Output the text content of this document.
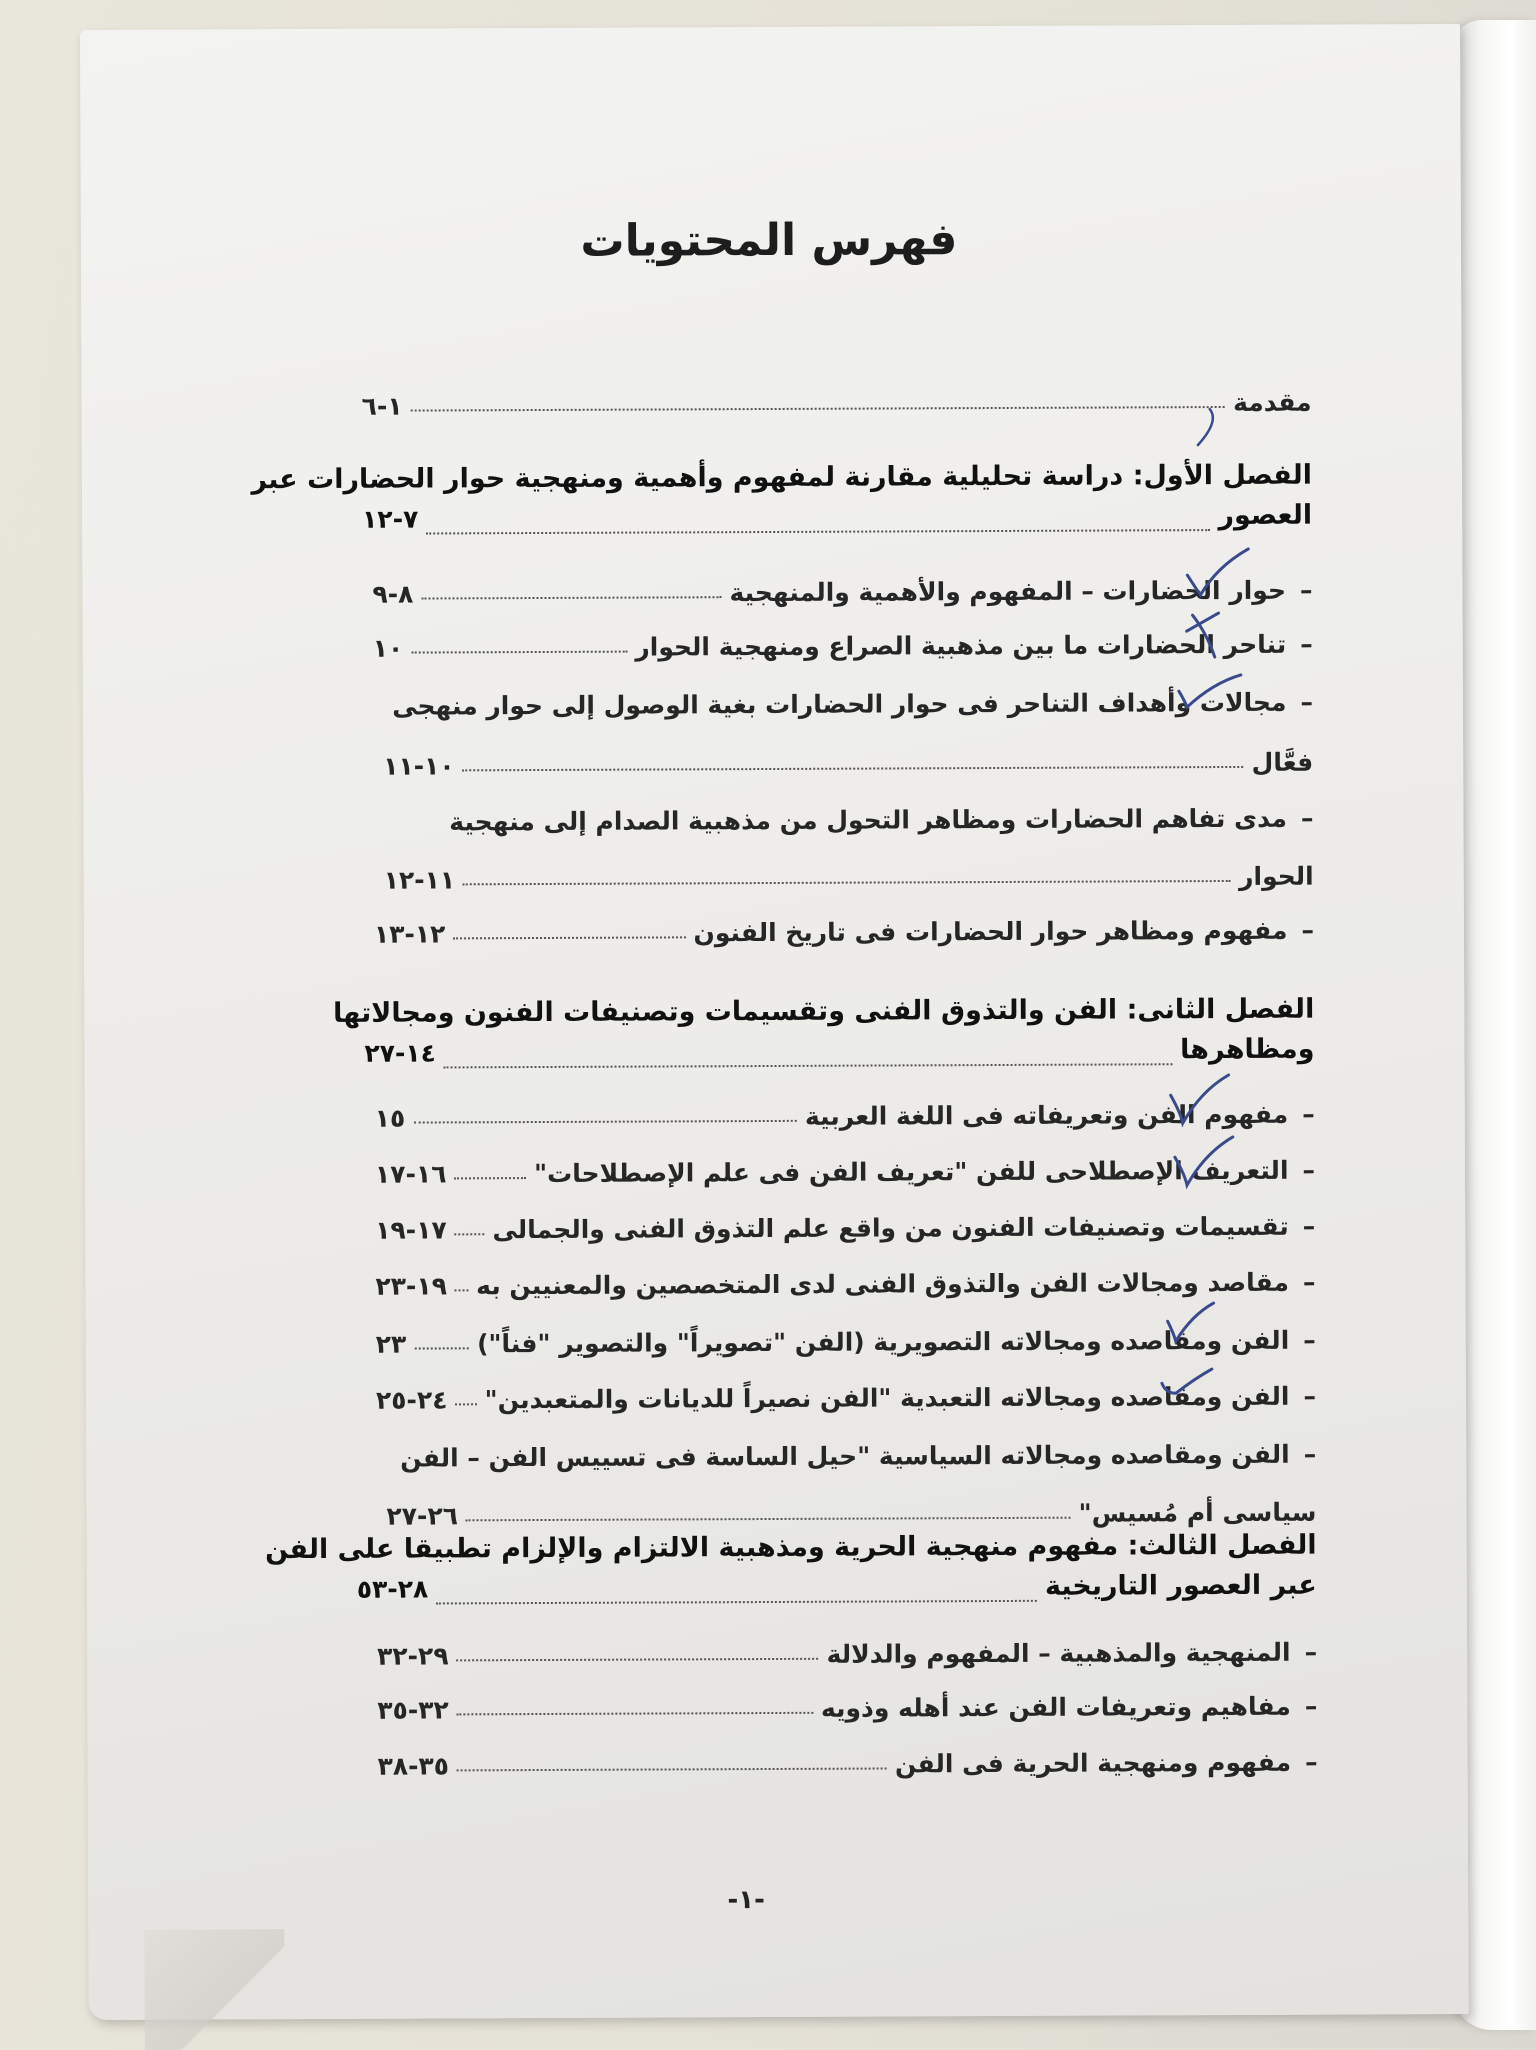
فهرس المحتويات
مقدمة
١-٦
الفصل الأول: دراسة تحليلية مقارنة لمفهوم وأهمية ومنهجية حوار الحضارات عبر
العصور
٧-١٢
–
حوار الحضارات – المفهوم والأهمية والمنهجية
٨-٩
–
تناحر الحضارات ما بين مذهبية الصراع ومنهجية الحوار
١٠
–
مجالات وأهداف التناحر فى حوار الحضارات بغية الوصول إلى حوار منهجى
فعَّال
١٠-١١
–
مدى تفاهم الحضارات ومظاهر التحول من مذهبية الصدام إلى منهجية
الحوار
١١-١٢
–
مفهوم ومظاهر حوار الحضارات فى تاريخ الفنون
١٢-١٣
الفصل الثانى: الفن والتذوق الفنى وتقسيمات وتصنيفات الفنون ومجالاتها
ومظاهرها
١٤-٢٧
–
مفهوم الفن وتعريفاته فى اللغة العربية
١٥
–
التعريف الإصطلاحى للفن "تعريف الفن فى علم الإصطلاحات"
١٦-١٧
–
تقسيمات وتصنيفات الفنون من واقع علم التذوق الفنى والجمالى
١٧-١٩
–
مقاصد ومجالات الفن والتذوق الفنى لدى المتخصصين والمعنيين به
١٩-٢٣
–
الفن ومقاصده ومجالاته التصويرية (الفن "تصويراً" والتصوير "فناً")
٢٣
–
الفن ومقاصده ومجالاته التعبدية "الفن نصيراً للديانات والمتعبدين"
٢٤-٢٥
–
الفن ومقاصده ومجالاته السياسية "حيل الساسة فى تسييس الفن – الفن
سياسى أم مُسيس"
٢٦-٢٧
الفصل الثالث: مفهوم منهجية الحرية ومذهبية الالتزام والإلزام تطبيقا على الفن
عبر العصور التاريخية
٢٨-٥٣
–
المنهجية والمذهبية – المفهوم والدلالة
٢٩-٣٢
–
مفاهيم وتعريفات الفن عند أهله وذويه
٣٢-٣٥
–
مفهوم ومنهجية الحرية فى الفن
٣٥-٣٨
-١-
